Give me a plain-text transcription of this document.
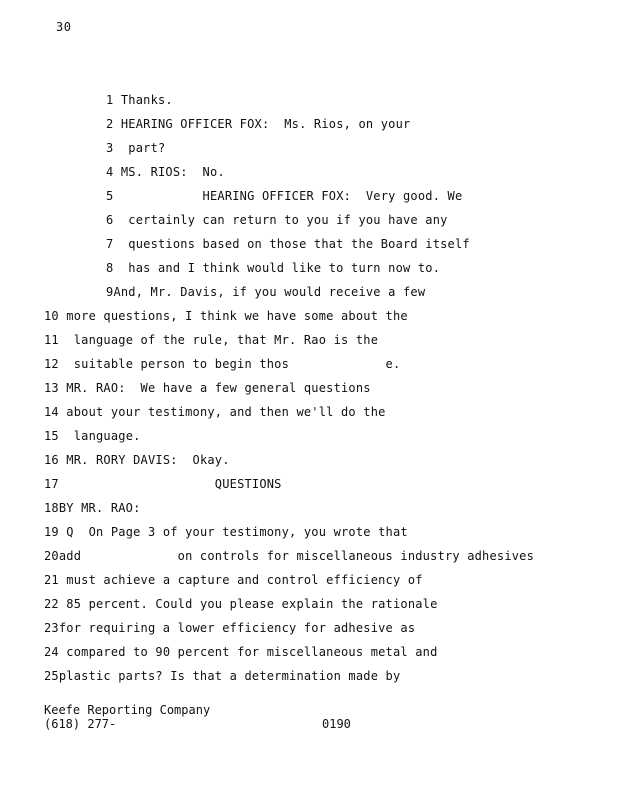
30
1 Thanks.
2 HEARING OFFICER FOX:  Ms. Rios, on your
3 part?
4 MS. RIOS:  No.
5            HEARING OFFICER FOX:  Very good. We
6 certainly can return to you if you have any
7 questions based on those that the Board itself
8 has and I think would like to turn now to.
9And, Mr. Davis, if you would receive a few
10 more questions, I think we have some about the
11 language of the rule, that Mr. Rao is the
12 suitable person to begin thos             e.
13 MR. RAO:  We have a few general questions
14 about your testimony, and then we'll do the
15 language.
16 MR. RORY DAVIS:  Okay.
17                     QUESTIONS
18BY MR. RAO:
19 Q  On Page 3 of your testimony, you wrote that
20add             on controls for miscellaneous industry adhesives
21 must achieve a capture and control efficiency of
22 85 percent. Could you please explain the rationale
23for requiring a lower efficiency for adhesive as
24 compared to 90 percent for miscellaneous metal and
25plastic parts? Is that a determination made by
Keefe Reporting Company
(618) 277-	0190
